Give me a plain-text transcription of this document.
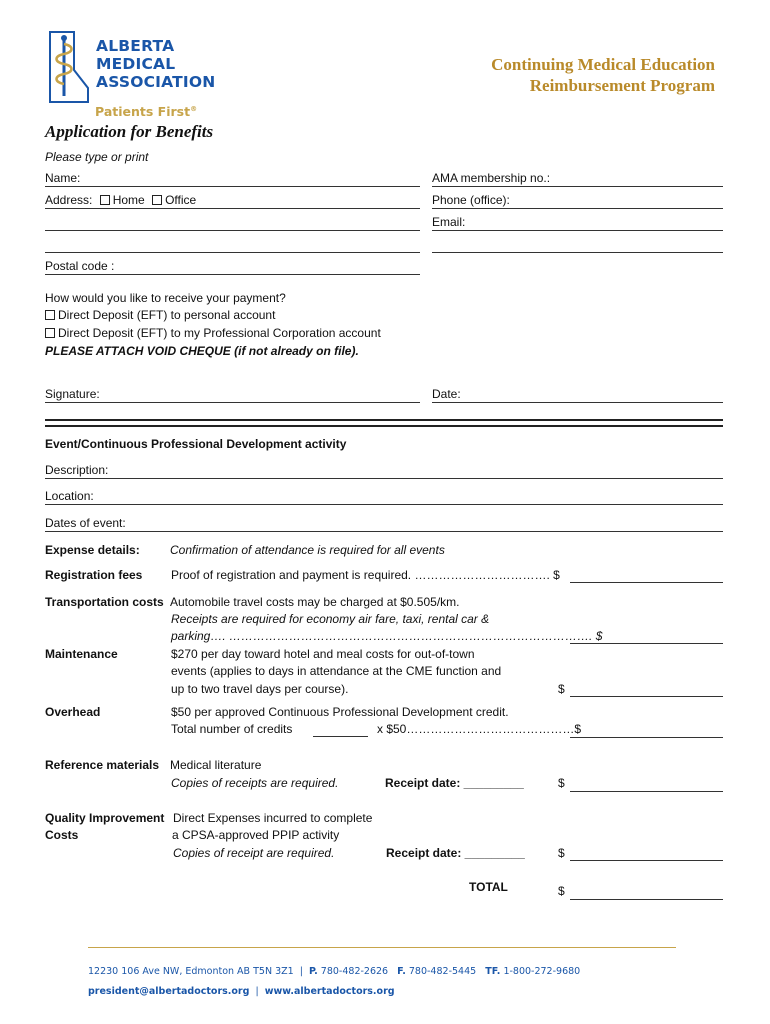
ALBERTA
MEDICAL
ASSOCIATION
Patients First®
Continuing Medical Education
Reimbursement Program
Application for Benefits
Please type or print
Name:	AMA membership no.:
Address: Home Office	Phone (office):
Email:
Postal code :
How would you like to receive your payment?
Direct Deposit (EFT) to personal account
Direct Deposit (EFT) to my Professional Corporation account
PLEASE ATTACH VOID CHEQUE (if not already on file).
Signature:	Date:
Event/Continuous Professional Development activity
Description:
Location:
Dates of event:
Expense details:	Confirmation of attendance is required for all events
Registration fees Proof of registration and payment is required. ……………………………. $
Transportation costs Automobile travel costs may be charged at $0.505/km.
Receipts are required for economy air fare, taxi, rental car &
parking…. ………………………………………………………………………………. $
Maintenance	$270 per day toward hotel and meal costs for out-of-town
events (applies to days in attendance at the CME function and
up to two travel days per course).	$
Overhead	$50 per approved Continuous Professional Development credit.
Total number of credits	x $50……………………………………$
Reference materials Medical literature
Copies of receipts are required.	Receipt date: _________	$
Quality Improvement
Costs
Direct Expenses incurred to complete
a CPSA-approved PPIP activity
Copies of receipt are required.	Receipt date: _________	$
TOTAL	$
12230 106 Ave NW, Edmonton AB T5N 3Z1 | P. 780-482-2626 F. 780-482-5445 TF. 1-800-272-9680
president@albertadoctors.org | www.albertadoctors.org
